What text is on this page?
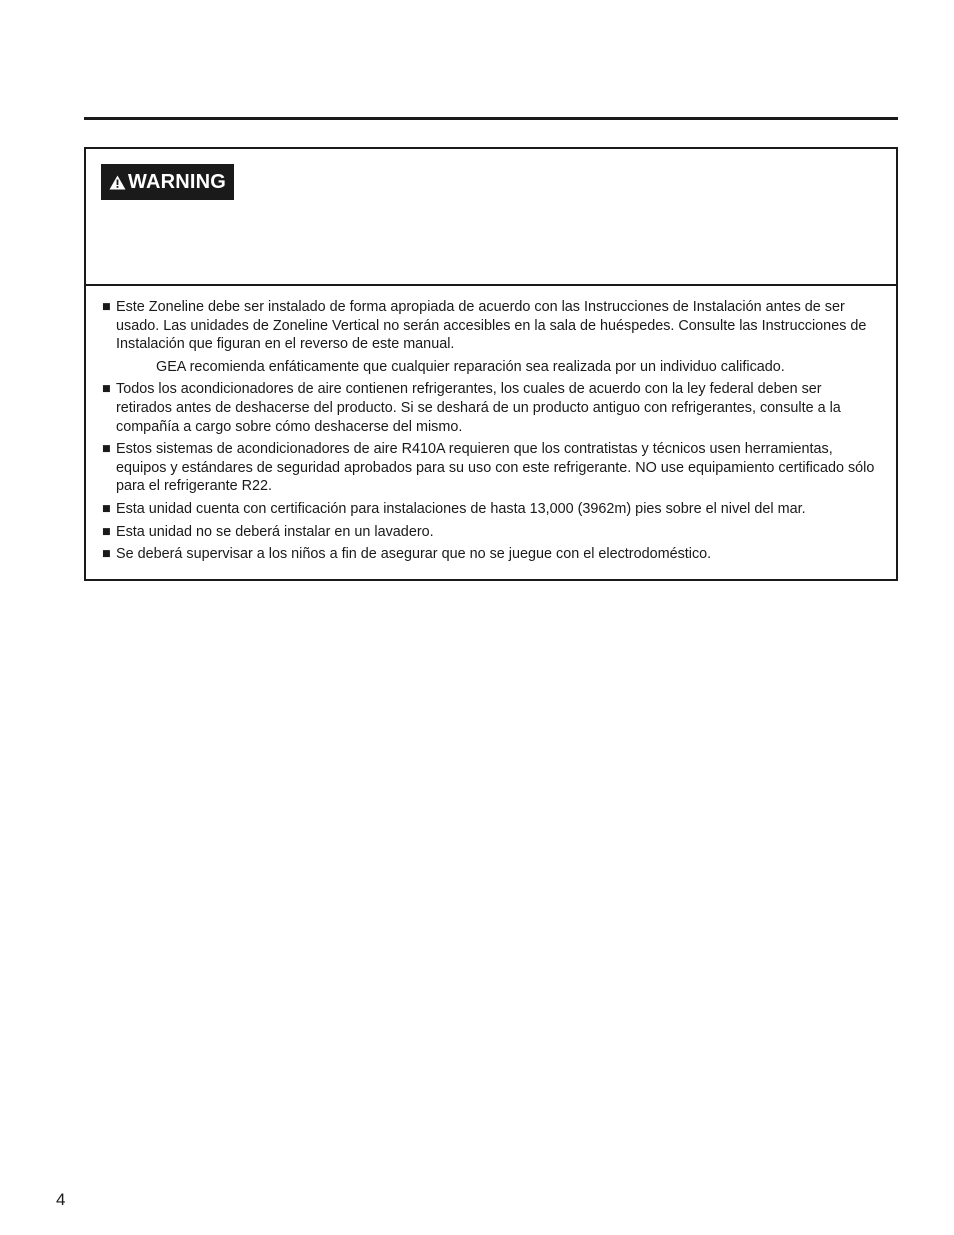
WARNING
■ Este Zoneline debe ser instalado de forma apropiada de acuerdo con las Instrucciones de Instalación antes de ser usado. Las unidades de Zoneline Vertical no serán accesibles en la sala de huéspedes. Consulte las Instrucciones de Instalación que figuran en el reverso de este manual.
GEA recomienda enfáticamente que cualquier reparación sea realizada por un individuo calificado.
■ Todos los acondicionadores de aire contienen refrigerantes, los cuales de acuerdo con la ley federal deben ser retirados antes de deshacerse del producto. Si se deshará de un producto antiguo con refrigerantes, consulte a la compañía a cargo sobre cómo deshacerse del mismo.
■ Estos sistemas de acondicionadores de aire R410A requieren que los contratistas y técnicos usen herramientas, equipos y estándares de seguridad aprobados para su uso con este refrigerante. NO use equipamiento certificado sólo para el refrigerante R22.
■ Esta unidad cuenta con certificación para instalaciones de hasta 13,000 (3962m) pies sobre el nivel del mar.
■ Esta unidad no se deberá instalar en un lavadero.
■ Se deberá supervisar a los niños a fin de asegurar que no se juegue con el electrodoméstico.
4
